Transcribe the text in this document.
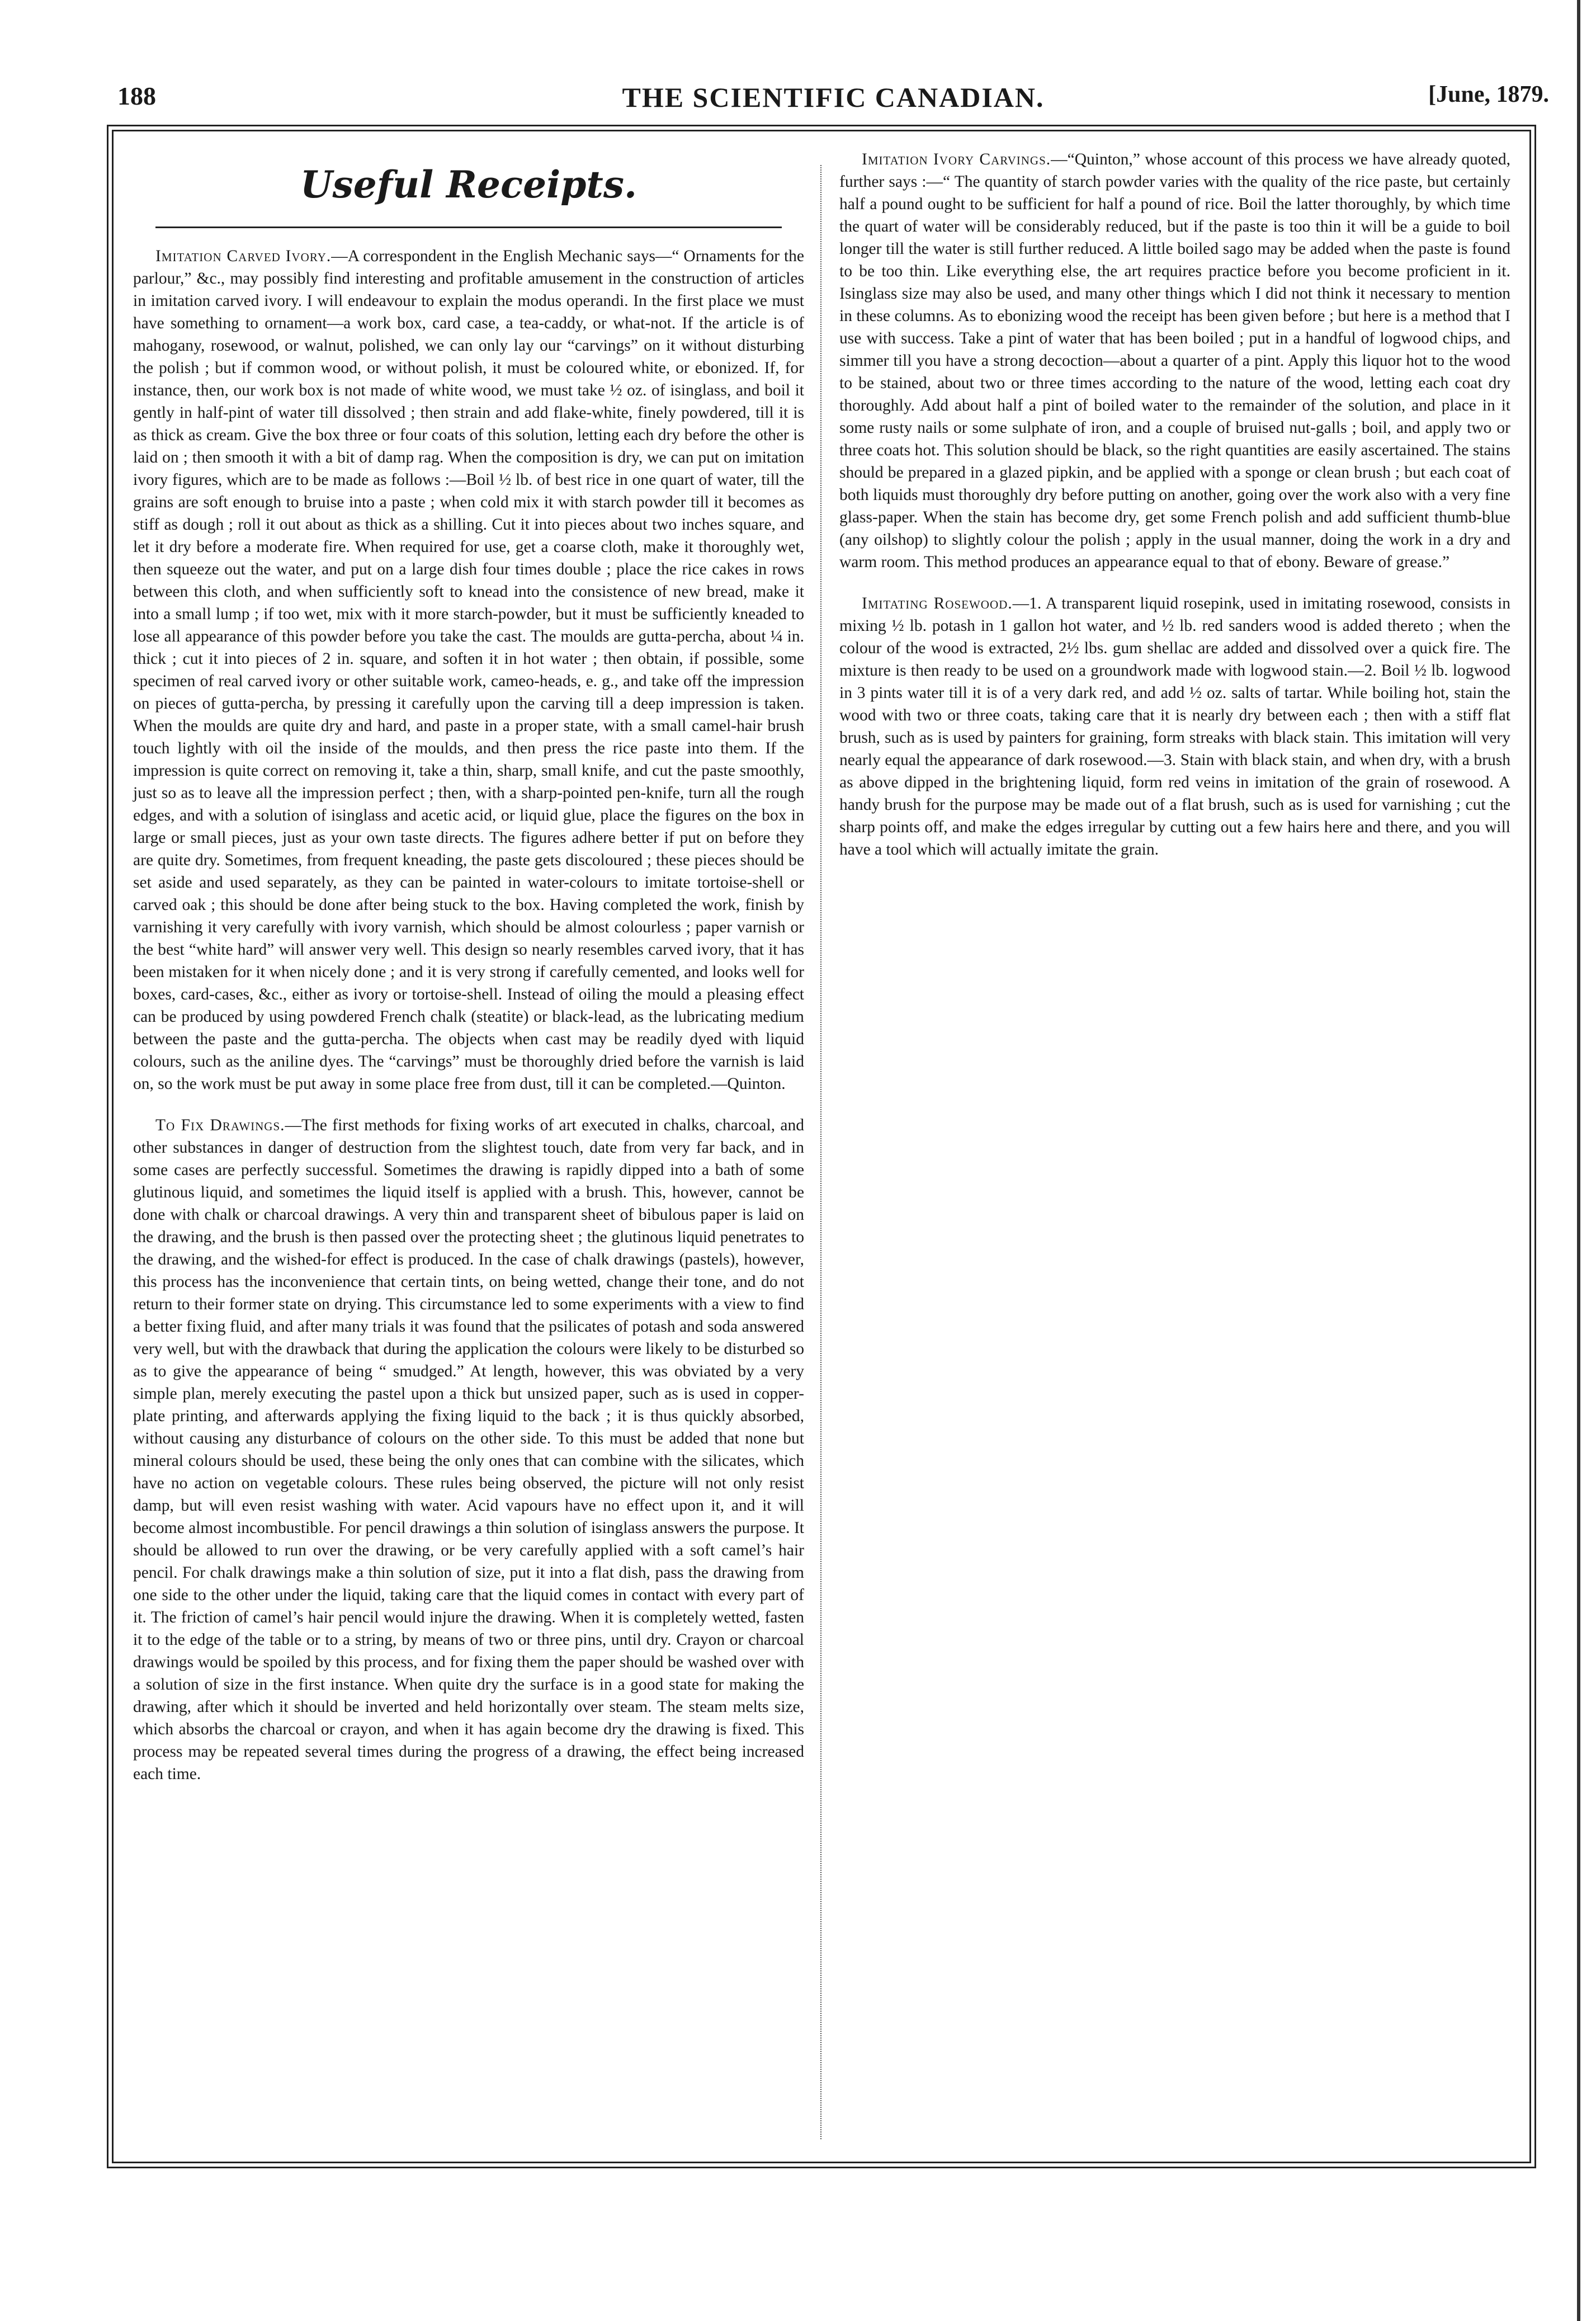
188	THE SCIENTIFIC CANADIAN.	[June, 1879.
Useful Receipts.

Imitation Carved Ivory.—A correspondent in the English Mechanic says—“ Ornaments for the parlour,” &c., may possibly find interesting and profitable amusement in the construction of articles in imitation carved ivory. I will endeavour to explain the modus operandi. In the first place we must have something to ornament—a work box, card case, a tea-caddy, or what-not. If the article is of mahogany, rosewood, or walnut, polished, we can only lay our “carvings” on it without disturbing the polish ; but if common wood, or without polish, it must be coloured white, or ebonized. If, for instance, then, our work box is not made of white wood, we must take ½ oz. of isinglass, and boil it gently in half-pint of water till dissolved ; then strain and add flake-white, finely powdered, till it is as thick as cream. Give the box three or four coats of this solution, letting each dry before the other is laid on ; then smooth it with a bit of damp rag. When the composition is dry, we can put on imitation ivory figures, which are to be made as follows :—Boil ½ lb. of best rice in one quart of water, till the grains are soft enough to bruise into a paste ; when cold mix it with starch powder till it becomes as stiff as dough ; roll it out about as thick as a shilling. Cut it into pieces about two inches square, and let it dry before a moderate fire. When required for use, get a coarse cloth, make it thoroughly wet, then squeeze out the water, and put on a large dish four times double ; place the rice cakes in rows between this cloth, and when sufficiently soft to knead into the consistence of new bread, make it into a small lump ; if too wet, mix with it more starch-powder, but it must be sufficiently kneaded to lose all appearance of this powder before you take the cast. The moulds are gutta-percha, about ¼ in. thick ; cut it into pieces of 2 in. square, and soften it in hot water ; then obtain, if possible, some specimen of real carved ivory or other suitable work, cameo-heads, e. g., and take off the impression on pieces of gutta-percha, by pressing it carefully upon the carving till a deep impression is taken. When the moulds are quite dry and hard, and paste in a proper state, with a small camel-hair brush touch lightly with oil the inside of the moulds, and then press the rice paste into them. If the impression is quite correct on removing it, take a thin, sharp, small knife, and cut the paste smoothly, just so as to leave all the impression perfect ; then, with a sharp-pointed pen-knife, turn all the rough edges, and with a solution of isinglass and acetic acid, or liquid glue, place the figures on the box in large or small pieces, just as your own taste directs. The figures adhere better if put on before they are quite dry. Sometimes, from frequent kneading, the paste gets discoloured ; these pieces should be set aside and used separately, as they can be painted in water-colours to imitate tortoise-shell or carved oak ; this should be done after being stuck to the box. Having completed the work, finish by varnishing it very carefully with ivory varnish, which should be almost colourless ; paper varnish or the best “white hard” will answer very well. This design so nearly resembles carved ivory, that it has been mistaken for it when nicely done ; and it is very strong if carefully cemented, and looks well for boxes, card-cases, &c., either as ivory or tortoise-shell. Instead of oiling the mould a pleasing effect can be produced by using powdered French chalk (steatite) or black-lead, as the lubricating medium between the paste and the gutta-percha. The objects when cast may be readily dyed with liquid colours, such as the aniline dyes. The “carvings” must be thoroughly dried before the varnish is laid on, so the work must be put away in some place free from dust, till it can be completed.—Quinton.

To Fix Drawings.—The first methods for fixing works of art executed in chalks, charcoal, and other substances in danger of destruction from the slightest touch, date from very far back, and in some cases are perfectly successful. Sometimes the drawing is rapidly dipped into a bath of some glutinous liquid, and sometimes the liquid itself is applied with a brush. This, however, cannot be done with chalk or charcoal drawings. A very thin and transparent sheet of bibulous paper is laid on the drawing, and the brush is then passed over the protecting sheet ; the glutinous liquid penetrates to the drawing, and the wished-for effect is produced. In the case of chalk drawings (pastels), however, this process has the inconvenience that certain tints, on being wetted, change their tone, and do not return to their former state on drying. This circumstance led to some experiments with a view to find a better fixing fluid, and after many trials it was found that the psilicates of potash and soda answered very well, but with the drawback that during the application the colours were likely to be disturbed so as to give the appearance of being “ smudged.” At length, however, this was obviated by a very simple plan, merely executing the pastel upon a thick but unsized paper, such as is used in copper-plate printing, and afterwards applying the fixing liquid to the back ; it is thus quickly absorbed, without causing any disturbance of colours on the other side. To this must be added that none but mineral colours should be used, these being the only ones that can combine with the silicates, which have no action on vegetable colours. These rules being observed, the picture will not only resist damp, but will even resist washing with water. Acid vapours have no effect upon it, and it will become almost incombustible. For pencil drawings a thin solution of isinglass answers the purpose. It should be allowed to run over the drawing, or be very carefully applied with a soft camel’s hair pencil. For chalk drawings make a thin solution of size, put it into a flat dish, pass the drawing from one side to the other under the liquid, taking care that the liquid comes in contact with every part of it. The friction of camel’s hair pencil would injure the drawing. When it is completely wetted, fasten it to the edge of the table or to a string, by means of two or three pins, until dry. Crayon or charcoal drawings would be spoiled by this process, and for fixing them the paper should be washed over with a solution of size in the first instance. When quite dry the surface is in a good state for making the drawing, after which it should be inverted and held horizontally over steam. The steam melts size, which absorbs the charcoal or crayon, and when it has again become dry the drawing is fixed. This process may be repeated several times during the progress of a drawing, the effect being increased each time.

Imitation Ivory Carvings.—“Quinton,” whose account of this process we have already quoted, further says :—“ The quantity of starch powder varies with the quality of the rice paste, but certainly half a pound ought to be sufficient for half a pound of rice. Boil the latter thoroughly, by which time the quart of water will be considerably reduced, but if the paste is too thin it will be a guide to boil longer till the water is still further reduced. A little boiled sago may be added when the paste is found to be too thin. Like everything else, the art requires practice before you become proficient in it. Isinglass size may also be used, and many other things which I did not think it necessary to mention in these columns. As to ebonizing wood the receipt has been given before ; but here is a method that I use with success. Take a pint of water that has been boiled ; put in a handful of logwood chips, and simmer till you have a strong decoction—about a quarter of a pint. Apply this liquor hot to the wood to be stained, about two or three times according to the nature of the wood, letting each coat dry thoroughly. Add about half a pint of boiled water to the remainder of the solution, and place in it some rusty nails or some sulphate of iron, and a couple of bruised nut-galls ; boil, and apply two or three coats hot. This solution should be black, so the right quantities are easily ascertained. The stains should be prepared in a glazed pipkin, and be applied with a sponge or clean brush ; but each coat of both liquids must thoroughly dry before putting on another, going over the work also with a very fine glass-paper. When the stain has become dry, get some French polish and add sufficient thumb-blue (any oilshop) to slightly colour the polish ; apply in the usual manner, doing the work in a dry and warm room. This method produces an appearance equal to that of ebony. Beware of grease.”

Imitating Rosewood.—1. A transparent liquid rosepink, used in imitating rosewood, consists in mixing ½ lb. potash in 1 gallon hot water, and ½ lb. red sanders wood is added thereto ; when the colour of the wood is extracted, 2½ lbs. gum shellac are added and dissolved over a quick fire. The mixture is then ready to be used on a groundwork made with logwood stain.—2. Boil ½ lb. logwood in 3 pints water till it is of a very dark red, and add ½ oz. salts of tartar. While boiling hot, stain the wood with two or three coats, taking care that it is nearly dry between each ; then with a stiff flat brush, such as is used by painters for graining, form streaks with black stain. This imitation will very nearly equal the appearance of dark rosewood.—3. Stain with black stain, and when dry, with a brush as above dipped in the brightening liquid, form red veins in imitation of the grain of rosewood. A handy brush for the purpose may be made out of a flat brush, such as is used for varnishing ; cut the sharp points off, and make the edges irregular by cutting out a few hairs here and there, and you will have a tool which will actually imitate the grain.
